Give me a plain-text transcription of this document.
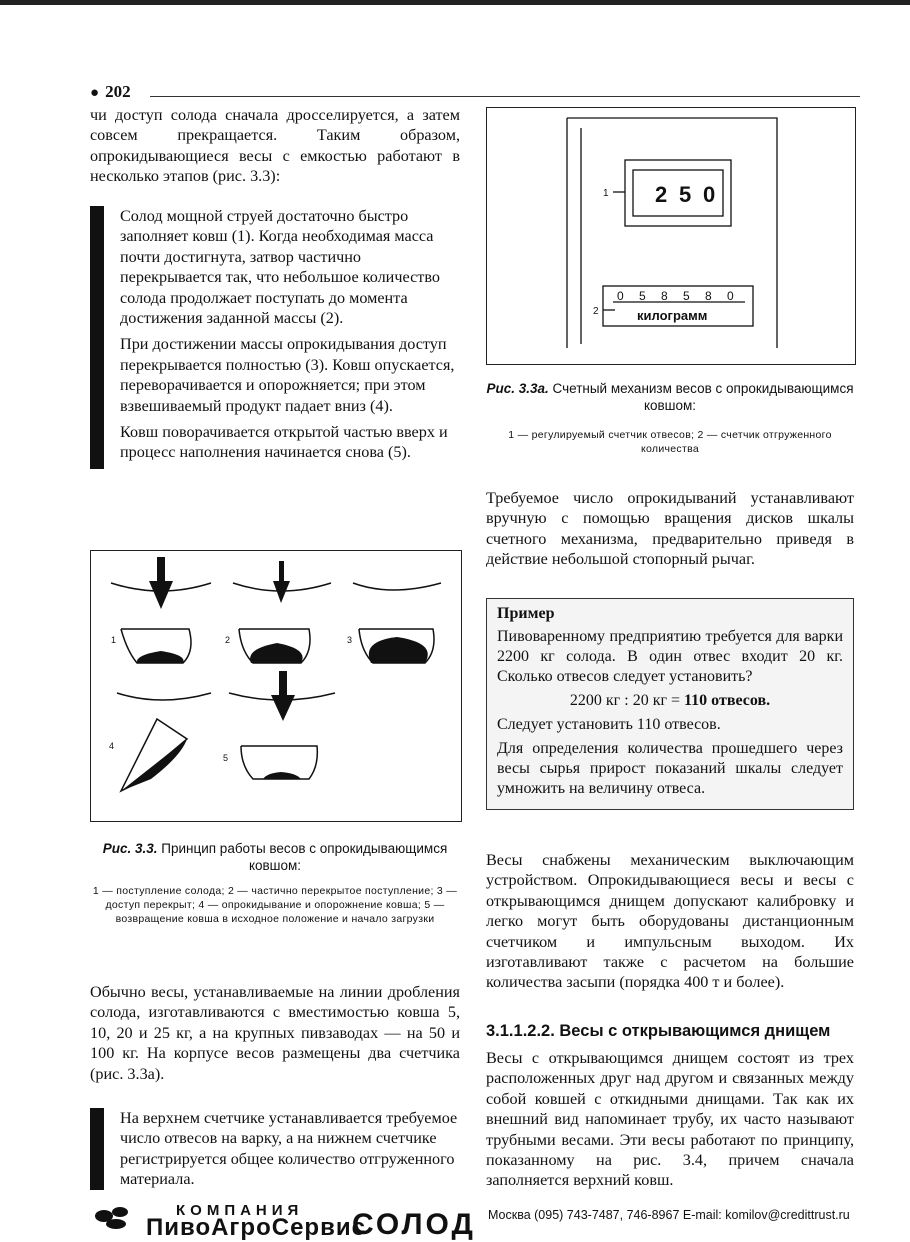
● 202
чи доступ солода сначала дросселируется, а затем совсем прекращается. Таким образом, опрокидывающиеся весы с емкостью работают в несколько этапов (рис. 3.3):

Солод мощной струей достаточно быстро заполняет ковш (1). Когда необходимая масса почти достигнута, затвор частично перекрывается так, что небольшое количество солода продолжает поступать до момента достижения заданной массы (2).

При достижении массы опрокидывания доступ перекрывается полностью (3). Ковш опускается, переворачивается и опорожняется; при этом взвешиваемый продукт падает вниз (4).

Ковш поворачивается открытой частью вверх и процесс наполнения начинается снова (5).

1	2	3
4
5
Рис. 3.3. Принцип работы весов с опрокидывающимся ковшом:
1 — поступление солода; 2 — частично перекрытое поступление; 3 — доступ перекрыт; 4 — опрокидывание и опорожнение ковша; 5 — возвращение ковша в исходное положение и начало загрузки
Обычно весы, устанавливаемые на линии дробления солода, изготавливаются с вместимостью ковша 5, 10, 20 и 25 кг, а на крупных пивзаводах — на 50 и 100 кг. На корпусе весов размещены два счетчика (рис. 3.3а).
На верхнем счетчике устанавливается требуемое число отвесов на варку, а на нижнем счетчике регистрируется общее количество отгруженного материала.
1
2
2 5 0
0 5 8 5 8 0
килограмм
Рис. 3.3а. Счетный механизм весов с опрокидывающимся ковшом:
1 — регулируемый счетчик отвесов; 2 — счетчик отгруженного количества
Требуемое число опрокидываний устанавливают вручную с помощью вращения дисков шкалы счетного механизма, предварительно приведя в действие небольшой стопорный рычаг.
Пример

Пивоваренному предприятию требуется для варки 2200 кг солода. В один отвес входит 20 кг. Сколько отвесов следует установить?

2200 кг : 20 кг = 110 отвесов.

Следует установить 110 отвесов.

Для определения количества прошедшего через весы сырья прирост показаний шкалы следует умножить на величину отвеса.

Весы снабжены механическим выключающим устройством. Опрокидывающиеся весы и весы с открывающимся днищем допускают калибровку и легко могут быть оборудованы дистанционным счетчиком и импульсным выходом. Их изготавливают также с расчетом на большие количества засыпи (порядка 400 т и более).
3.1.1.2.2. Весы с открывающимся днищем
Весы с открывающимся днищем состоят из трех расположенных друг над другом и связанных между собой ковшей с откидными днищами. Так как их внешний вид напоминает трубу, их часто называют трубными весами. Эти весы работают по принципу, показанному на рис. 3.4, причем сначала заполняется верхний ковш.
КОМПАНИЯ
ПивоАгроСервис
СОЛОД Москва (095) 743-7487, 746-8967 E-mail: komilov@credittrust.ru
